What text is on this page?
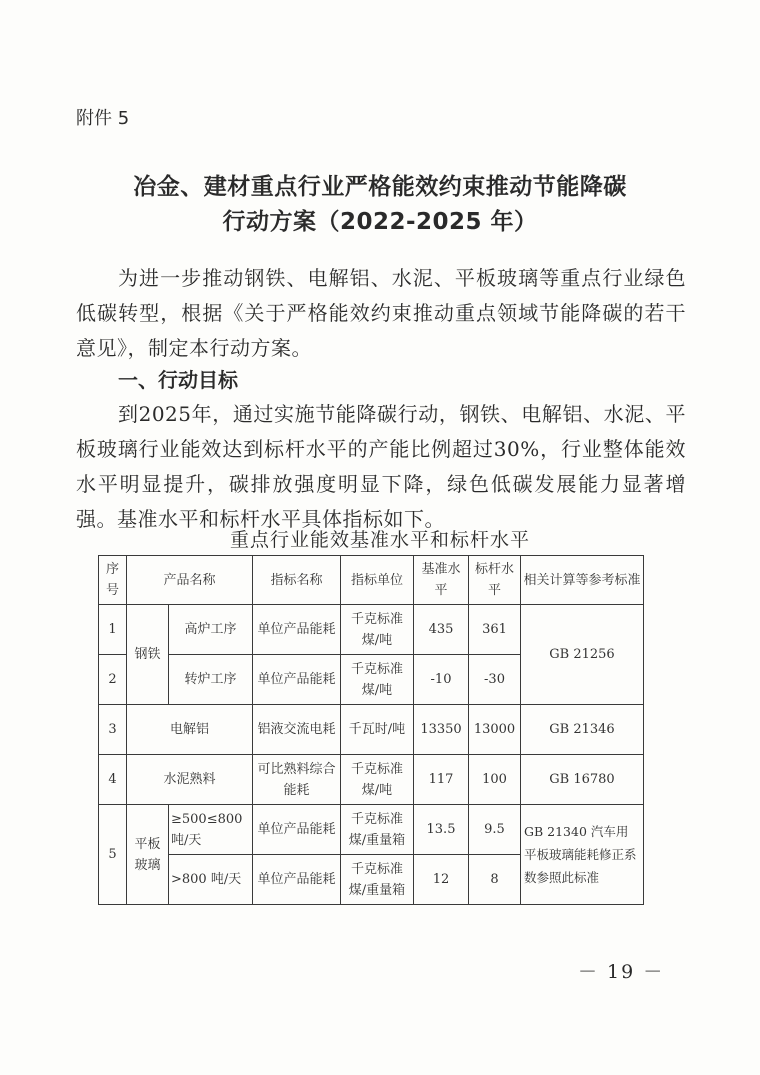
附件 5
冶金、建材重点行业严格能效约束推动节能降碳
行动方案（2022-2025 年）
为进一步推动钢铁、电解铝、水泥、平板玻璃等重点行业绿色低碳转型，根据《关于严格能效约束推动重点领域节能降碳的若干意见》，制定本行动方案。
一、行动目标
到2025年，通过实施节能降碳行动，钢铁、电解铝、水泥、平板玻璃行业能效达到标杆水平的产能比例超过30%，行业整体能效水平明显提升，碳排放强度明显下降，绿色低碳发展能力显著增强。基准水平和标杆水平具体指标如下。
重点行业能效基准水平和标杆水平
序号	产品名称		指标名称	指标单位	基准水平	标杆水平	相关计算等参考标准
1	钢铁	高炉工序	单位产品能耗	千克标准煤/吨	435	361	GB 21256
2		转炉工序	单位产品能耗	千克标准煤/吨	-10	-30	
3	电解铝		铝液交流电耗	千瓦时/吨	13350	13000	GB 21346
4	水泥熟料		可比熟料综合能耗	千克标准煤/吨	117	100	GB 16780
5	平板玻璃	≥500≤800吨/天	单位产品能耗	千克标准煤/重量箱	13.5	9.5	GB 21340 汽车用平板玻璃能耗修正系数参照此标准
		>800 吨/天	单位产品能耗	千克标准煤/重量箱	12	8	
－ 19 －
